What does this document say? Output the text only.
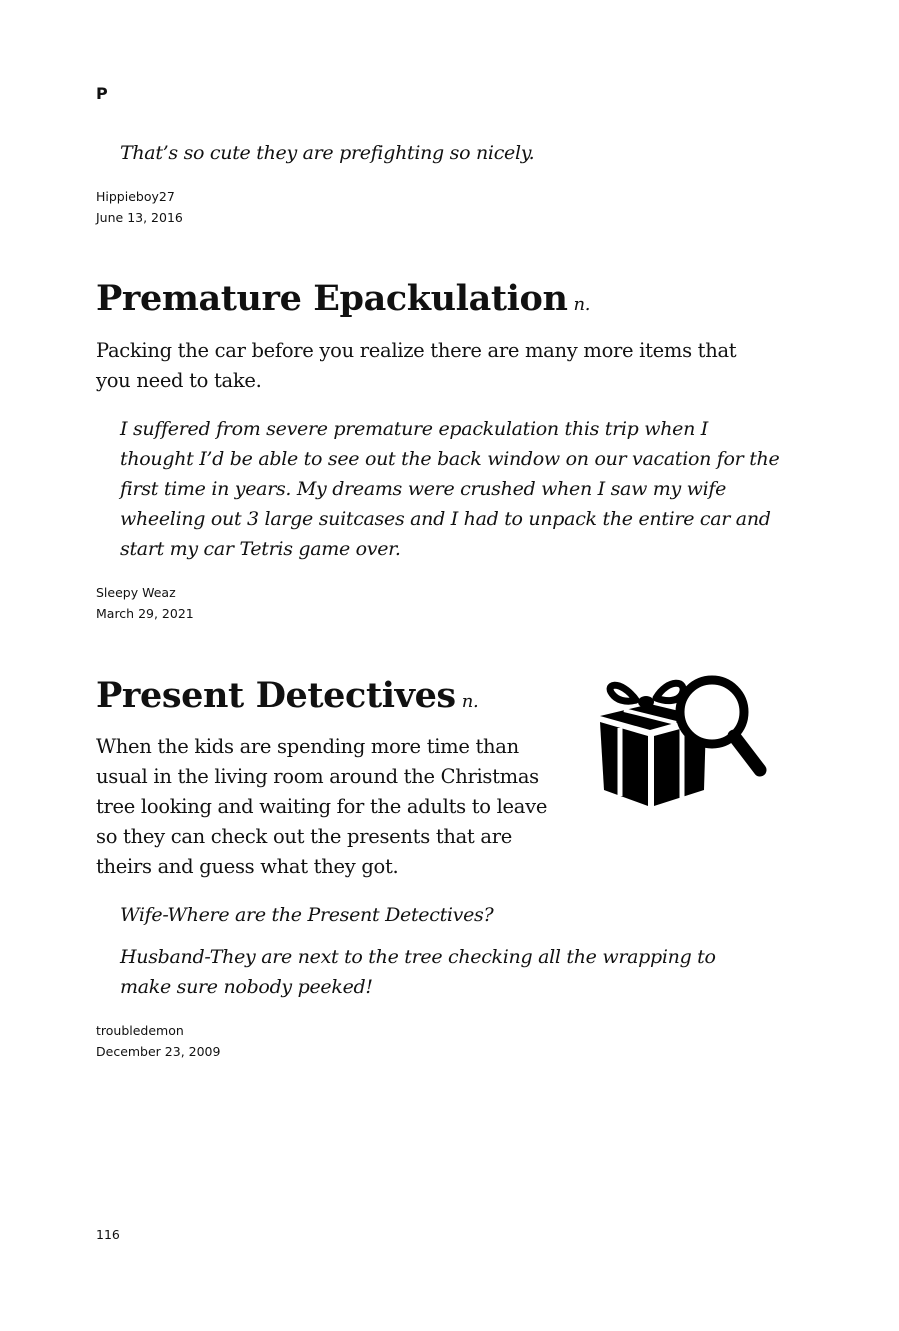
P

That’s so cute they are prefighting so nicely.

Hippieboy27

June 13, 2016

Premature Epackulation n.

Packing the car before you realize there are many more items that you need to take.

I suffered from severe premature epackulation this trip when I thought I’d be able to see out the back window on our vacation for the first time in years. My dreams were crushed when I saw my wife wheeling out 3 large suitcases and I had to unpack the entire car and start my car Tetris game over.

Sleepy Weaz

March 29, 2021

Present Detectives n.

When the kids are spending more time than usual in the living room around the Christmas tree looking and waiting for the adults to leave so they can check out the presents that are theirs and guess what they got.

Wife-Where are the Present Detectives?

Husband-They are next to the tree checking all the wrapping to make sure nobody peeked!

troubledemon

December 23, 2009

116
